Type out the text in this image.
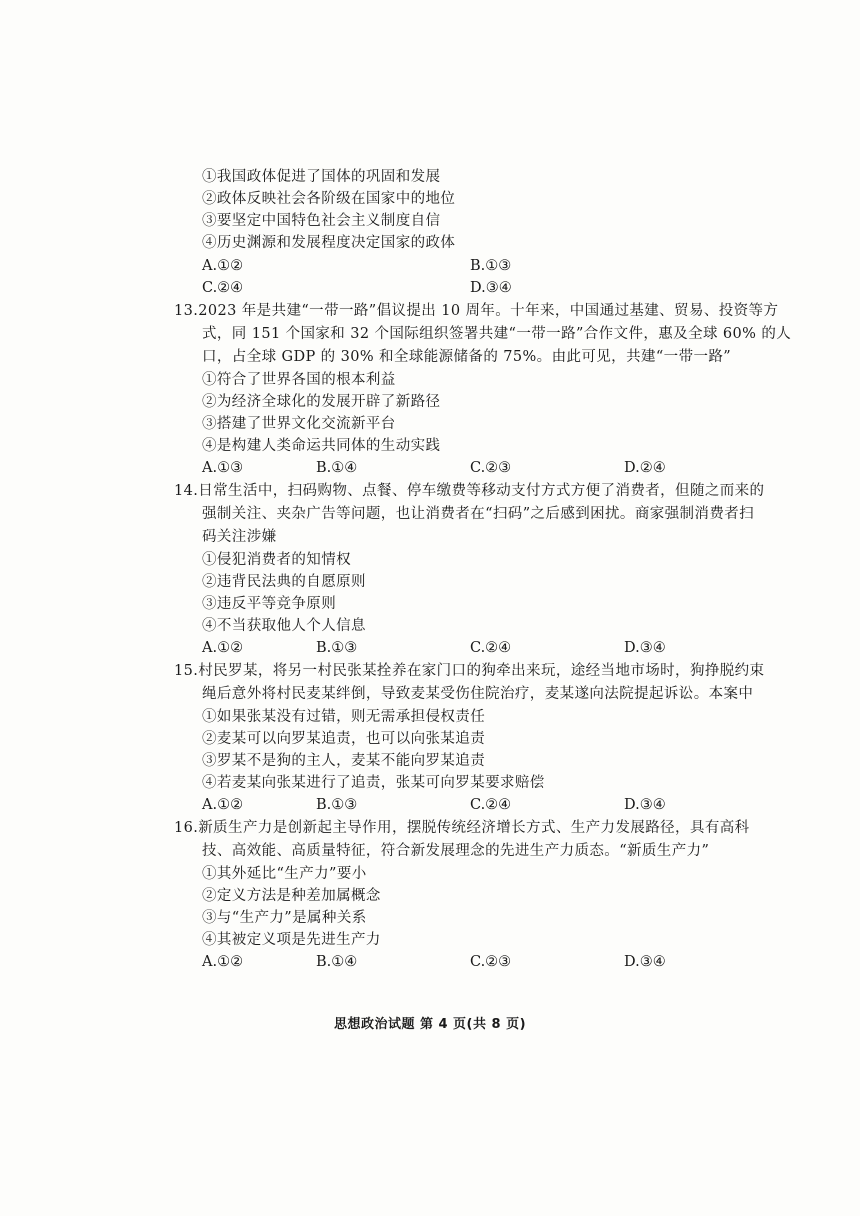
①我国政体促进了国体的巩固和发展
②政体反映社会各阶级在国家中的地位
③要坚定中国特色社会主义制度自信
④历史渊源和发展程度决定国家的政体
A.①②	B.①③
C.②④	D.③④
13.2023 年是共建“一带一路”倡议提出 10 周年。十年来，中国通过基建、贸易、投资等方
式，同 151 个国家和 32 个国际组织签署共建“一带一路”合作文件，惠及全球 60% 的人
口，占全球 GDP 的 30% 和全球能源储备的 75%。由此可见，共建“一带一路”
①符合了世界各国的根本利益
②为经济全球化的发展开辟了新路径
③搭建了世界文化交流新平台
④是构建人类命运共同体的生动实践
A.①③	B.①④	C.②③	D.②④
14.日常生活中，扫码购物、点餐、停车缴费等移动支付方式方便了消费者，但随之而来的
强制关注、夹杂广告等问题，也让消费者在“扫码”之后感到困扰。商家强制消费者扫
码关注涉嫌
①侵犯消费者的知情权
②违背民法典的自愿原则
③违反平等竞争原则
④不当获取他人个人信息
A.①②	B.①③	C.②④	D.③④
15.村民罗某，将另一村民张某拴养在家门口的狗牵出来玩，途经当地市场时，狗挣脱约束
绳后意外将村民麦某绊倒，导致麦某受伤住院治疗，麦某遂向法院提起诉讼。本案中
①如果张某没有过错，则无需承担侵权责任
②麦某可以向罗某追责，也可以向张某追责
③罗某不是狗的主人，麦某不能向罗某追责
④若麦某向张某进行了追责，张某可向罗某要求赔偿
A.①②	B.①③	C.②④	D.③④
16.新质生产力是创新起主导作用，摆脱传统经济增长方式、生产力发展路径，具有高科
技、高效能、高质量特征，符合新发展理念的先进生产力质态。“新质生产力”
①其外延比“生产力”要小
②定义方法是种差加属概念
③与“生产力”是属种关系
④其被定义项是先进生产力
A.①②	B.①④	C.②③	D.③④
思想政治试题 第 4 页(共 8 页)
